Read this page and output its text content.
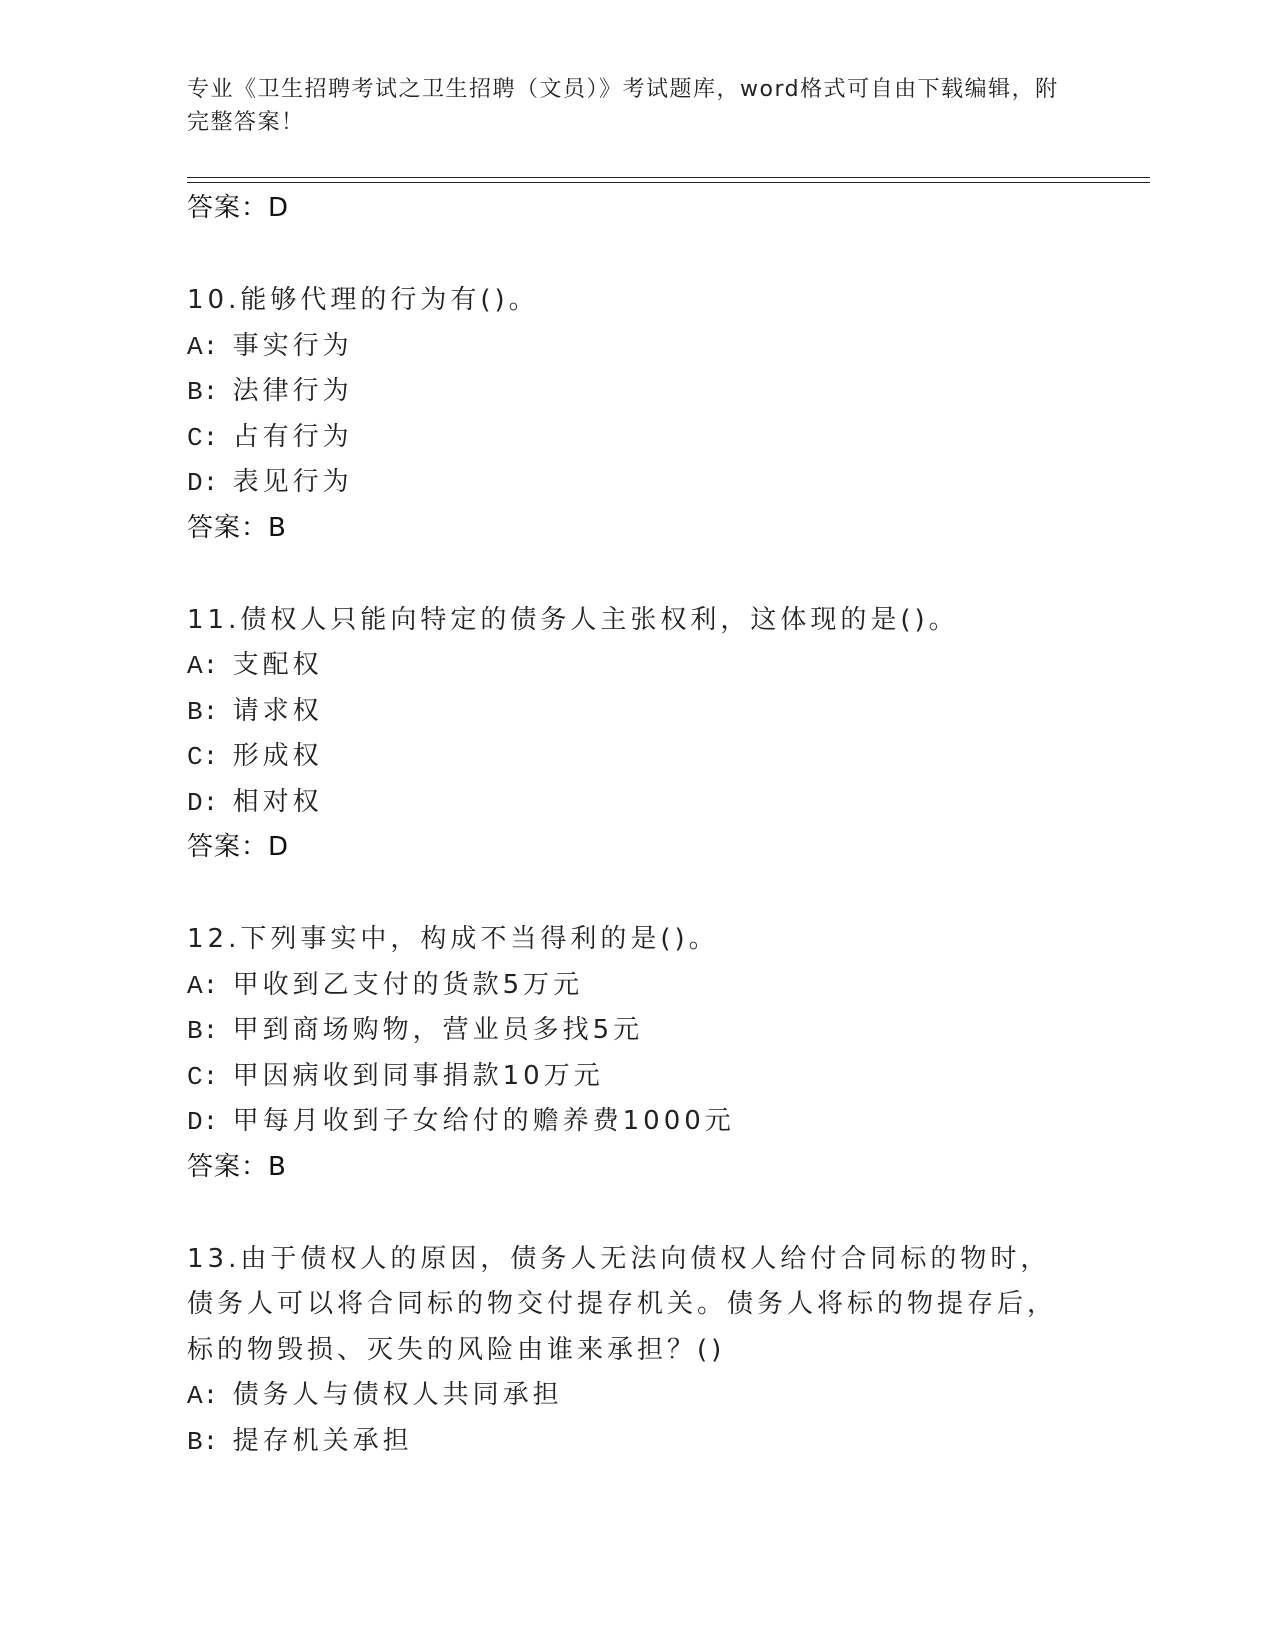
专业《卫生招聘考试之卫生招聘（文员）》考试题库，word格式可自由下载编辑，附完整答案！
答案：D
10.能够代理的行为有()。
A: 事实行为
B: 法律行为
C: 占有行为
D: 表见行为
答案：B
11.债权人只能向特定的债务人主张权利，这体现的是()。
A: 支配权
B: 请求权
C: 形成权
D: 相对权
答案：D
12.下列事实中，构成不当得利的是()。
A: 甲收到乙支付的货款5万元
B: 甲到商场购物，营业员多找5元
C: 甲因病收到同事捐款10万元
D: 甲每月收到子女给付的赡养费1000元
答案：B
13.由于债权人的原因，债务人无法向债权人给付合同标的物时，债务人可以将合同标的物交付提存机关。债务人将标的物提存后，标的物毁损、灭失的风险由谁来承担？()
A: 债务人与债权人共同承担
B: 提存机关承担
